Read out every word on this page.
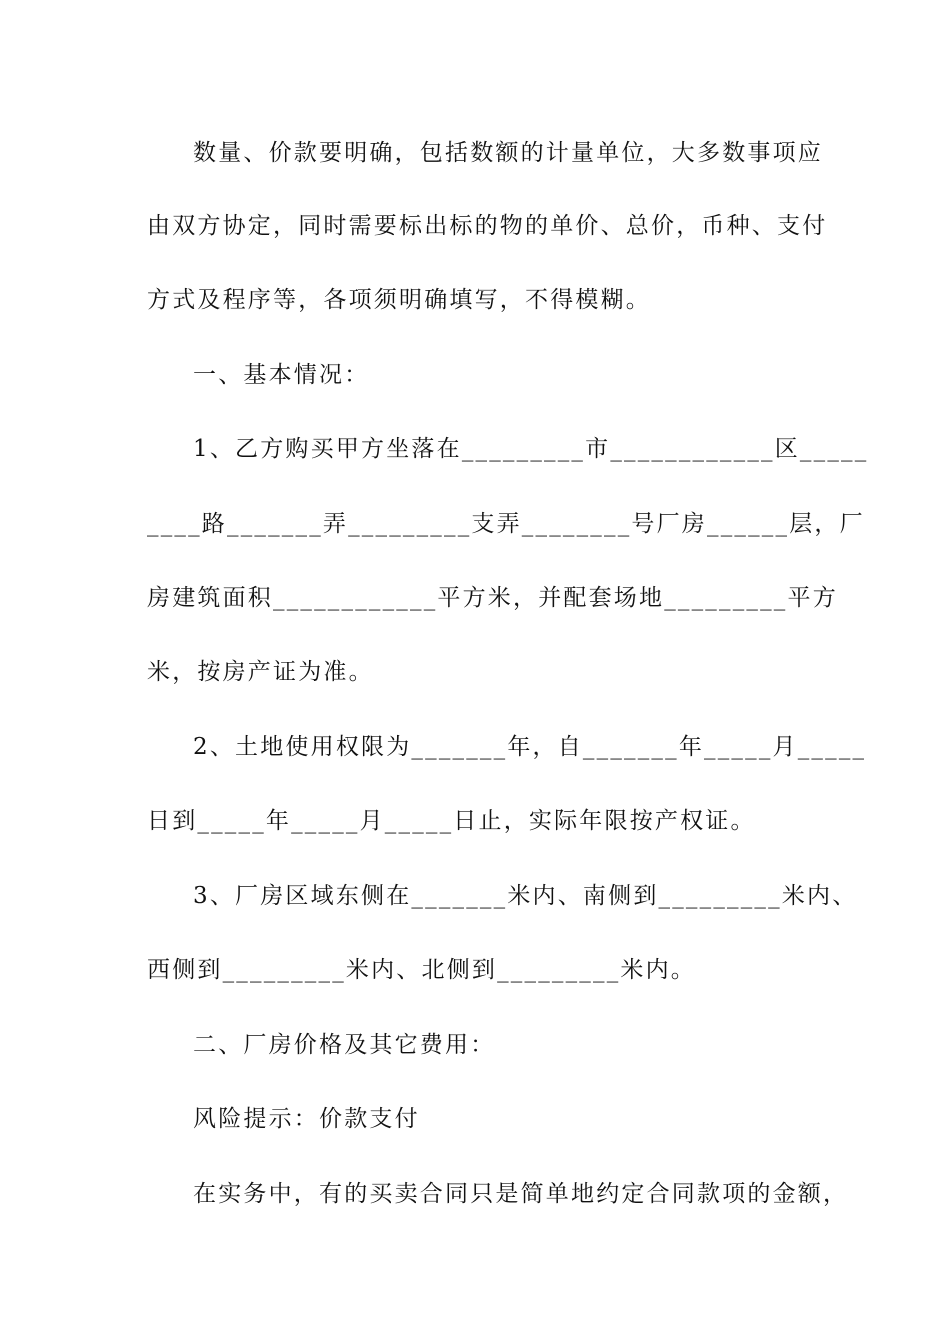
数量、价款要明确，包括数额的计量单位，大多数事项应
由双方协定，同时需要标出标的物的单价、总价，币种、支付
方式及程序等，各项须明确填写，不得模糊。
一、基本情况：
1、乙方购买甲方坐落在_________市____________区_____
____路_______弄_________支弄________号厂房______层，厂
房建筑面积____________平方米，并配套场地_________平方
米，按房产证为准。
2、土地使用权限为_______年，自_______年_____月_____
日到_____年_____月_____日止，实际年限按产权证。
3、厂房区域东侧在_______米内、南侧到_________米内、
西侧到_________米内、北侧到_________米内。
二、厂房价格及其它费用：
风险提示：价款支付
在实务中，有的买卖合同只是简单地约定合同款项的金额，
